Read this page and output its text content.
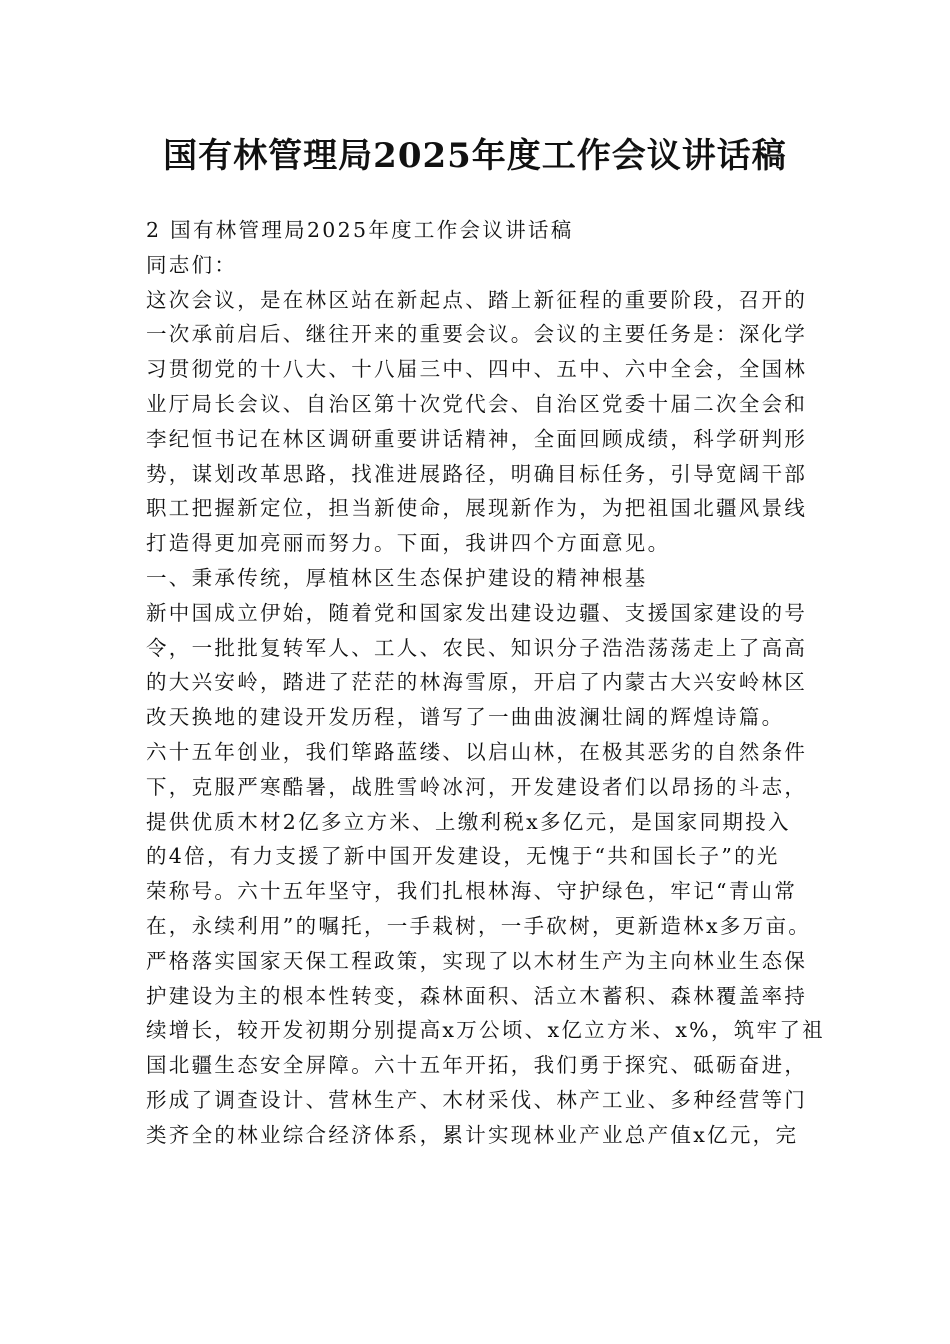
国有林管理局2025年度工作会议讲话稿
2 国有林管理局2025年度工作会议讲话稿
同志们：
这次会议，是在林区站在新起点、踏上新征程的重要阶段，召开的
一次承前启后、继往开来的重要会议。会议的主要任务是：深化学
习贯彻党的十八大、十八届三中、四中、五中、六中全会，全国林
业厅局长会议、自治区第十次党代会、自治区党委十届二次全会和
李纪恒书记在林区调研重要讲话精神，全面回顾成绩，科学研判形
势，谋划改革思路，找准进展路径，明确目标任务，引导宽阔干部
职工把握新定位，担当新使命，展现新作为，为把祖国北疆风景线
打造得更加亮丽而努力。下面，我讲四个方面意见。
一、秉承传统，厚植林区生态保护建设的精神根基
新中国成立伊始，随着党和国家发出建设边疆、支援国家建设的号
令，一批批复转军人、工人、农民、知识分子浩浩荡荡走上了高高
的大兴安岭，踏进了茫茫的林海雪原，开启了内蒙古大兴安岭林区
改天换地的建设开发历程，谱写了一曲曲波澜壮阔的辉煌诗篇。
六十五年创业，我们筚路蓝缕、以启山林，在极其恶劣的自然条件
下，克服严寒酷暑，战胜雪岭冰河，开发建设者们以昂扬的斗志，
提供优质木材2亿多立方米、上缴利税x多亿元，是国家同期投入
的4倍，有力支援了新中国开发建设，无愧于“共和国长子”的光
荣称号。六十五年坚守，我们扎根林海、守护绿色，牢记“青山常
在，永续利用”的嘱托，一手栽树，一手砍树，更新造林x多万亩。
严格落实国家天保工程政策，实现了以木材生产为主向林业生态保
护建设为主的根本性转变，森林面积、活立木蓄积、森林覆盖率持
续增长，较开发初期分别提高x万公顷、x亿立方米、x%，筑牢了祖
国北疆生态安全屏障。六十五年开拓，我们勇于探究、砥砺奋进，
形成了调查设计、营林生产、木材采伐、林产工业、多种经营等门
类齐全的林业综合经济体系，累计实现林业产业总产值x亿元，完
